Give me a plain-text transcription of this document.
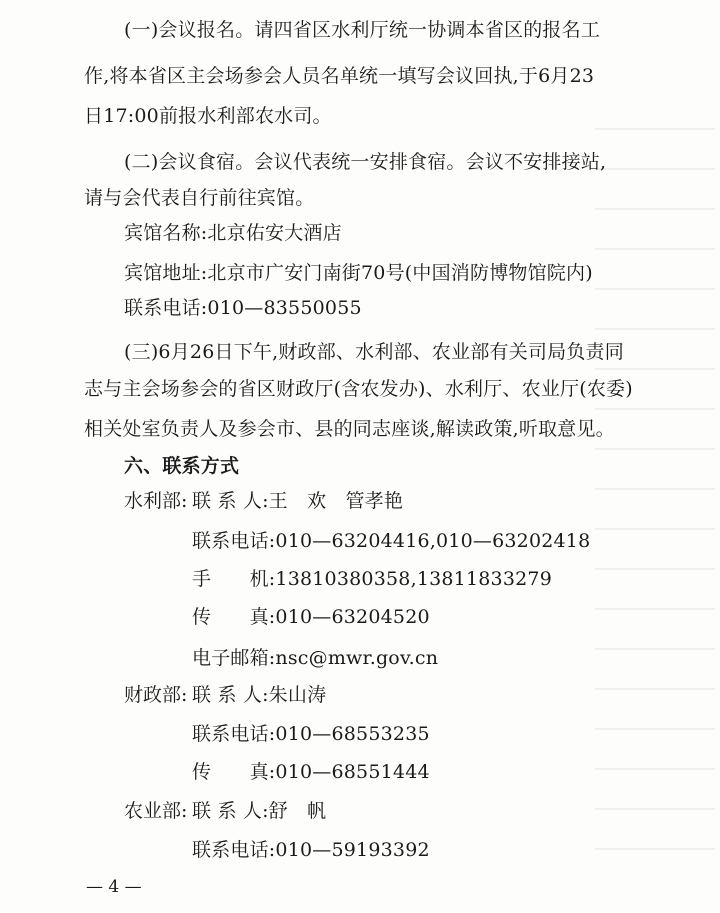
(一)会议报名。请四省区水利厅统一协调本省区的报名工
作,将本省区主会场参会人员名单统一填写会议回执,于6月23
日17:00前报水利部农水司。
(二)会议食宿。会议代表统一安排食宿。会议不安排接站,
请与会代表自行前往宾馆。
宾馆名称:北京佑安大酒店
宾馆地址:北京市广安门南街70号(中国消防博物馆院内)
联系电话:010—83550055
(三)6月26日下午,财政部、水利部、农业部有关司局负责同
志与主会场参会的省区财政厅(含农发办)、水利厅、农业厅(农委)
相关处室负责人及参会市、县的同志座谈,解读政策,听取意见。
六、联系方式
水利部: 联 系 人:王　欢　管孝艳
联系电话:010—63204416,010—63202418
手　　机:13810380358,13811833279
传　　真:010—63204520
电子邮箱:nsc@mwr.gov.cn
财政部: 联 系 人:朱山涛
联系电话:010—68553235
传　　真:010—68551444
农业部: 联 系 人:舒　帆
联系电话:010—59193392
— 4 —
